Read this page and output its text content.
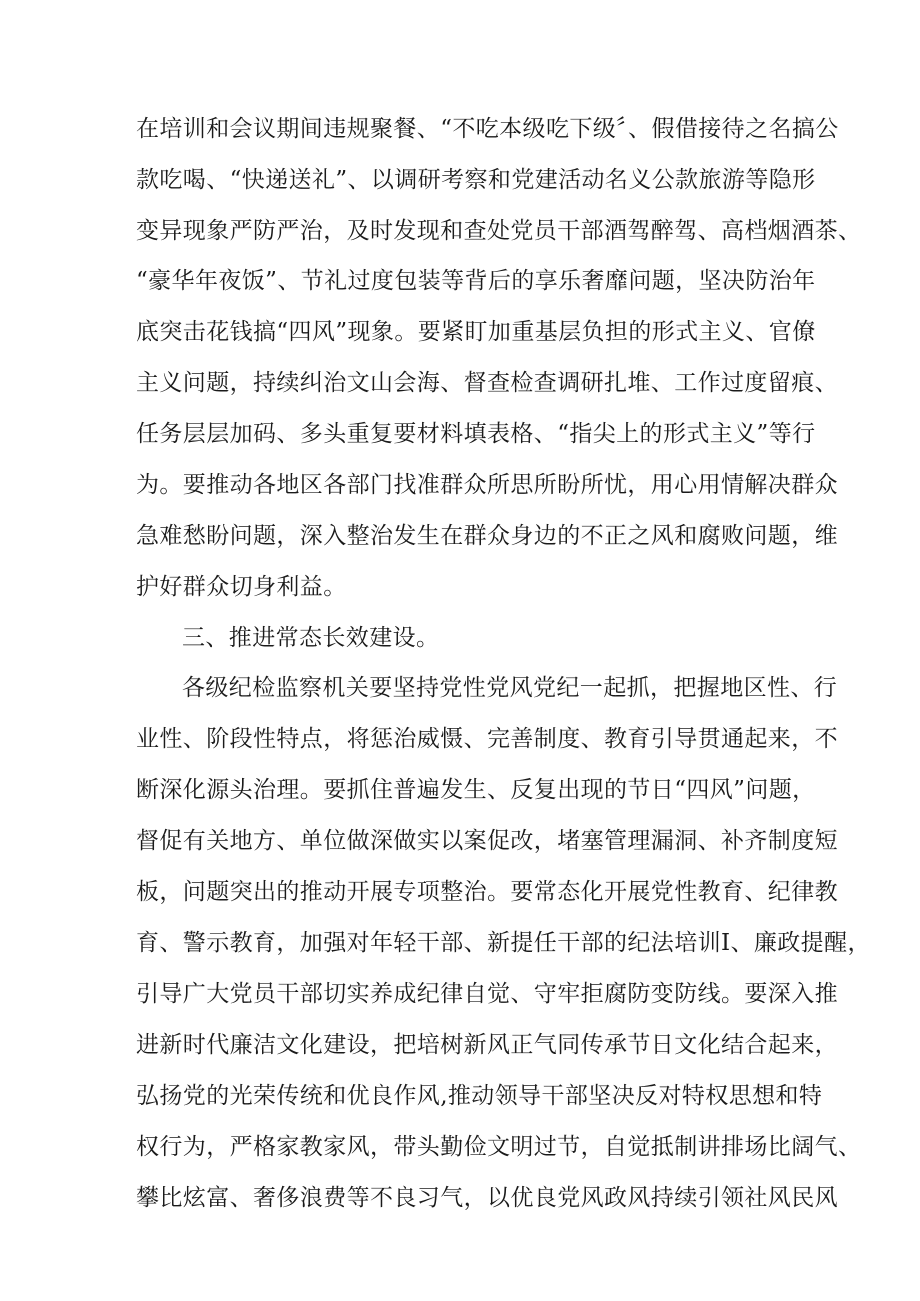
在培训和会议期间违规聚餐、“不吃本级吃下级〞、假借接待之名搞公
款吃喝、“快递送礼”、以调研考察和党建活动名义公款旅游等隐形
变异现象严防严治，及时发现和查处党员干部酒驾醉驾、高档烟酒茶、
“豪华年夜饭”、节礼过度包装等背后的享乐奢靡问题，坚决防治年
底突击花钱搞“四风”现象。要紧盯加重基层负担的形式主义、官僚
主义问题，持续纠治文山会海、督查检查调研扎堆、工作过度留痕、
任务层层加码、多头重复要材料填表格、“指尖上的形式主义”等行
为。要推动各地区各部门找准群众所思所盼所忧，用心用情解决群众
急难愁盼问题，深入整治发生在群众身边的不正之风和腐败问题，维
护好群众切身利益。
三、推进常态长效建设。
各级纪检监察机关要坚持党性党风党纪一起抓，把握地区性、行
业性、阶段性特点，将惩治威慑、完善制度、教育引导贯通起来，不
断深化源头治理。要抓住普遍发生、反复出现的节日“四风”问题，
督促有关地方、单位做深做实以案促改，堵塞管理漏洞、补齐制度短
板，问题突出的推动开展专项整治。要常态化开展党性教育、纪律教
育、警示教育，加强对年轻干部、新提任干部的纪法培训I、廉政提醒，
引导广大党员干部切实养成纪律自觉、守牢拒腐防变防线。要深入推
进新时代廉洁文化建设，把培树新风正气同传承节日文化结合起来，
弘扬党的光荣传统和优良作风,推动领导干部坚决反对特权思想和特
权行为，严格家教家风，带头勤俭文明过节，自觉抵制讲排场比阔气、
攀比炫富、奢侈浪费等不良习气，以优良党风政风持续引领社风民风
